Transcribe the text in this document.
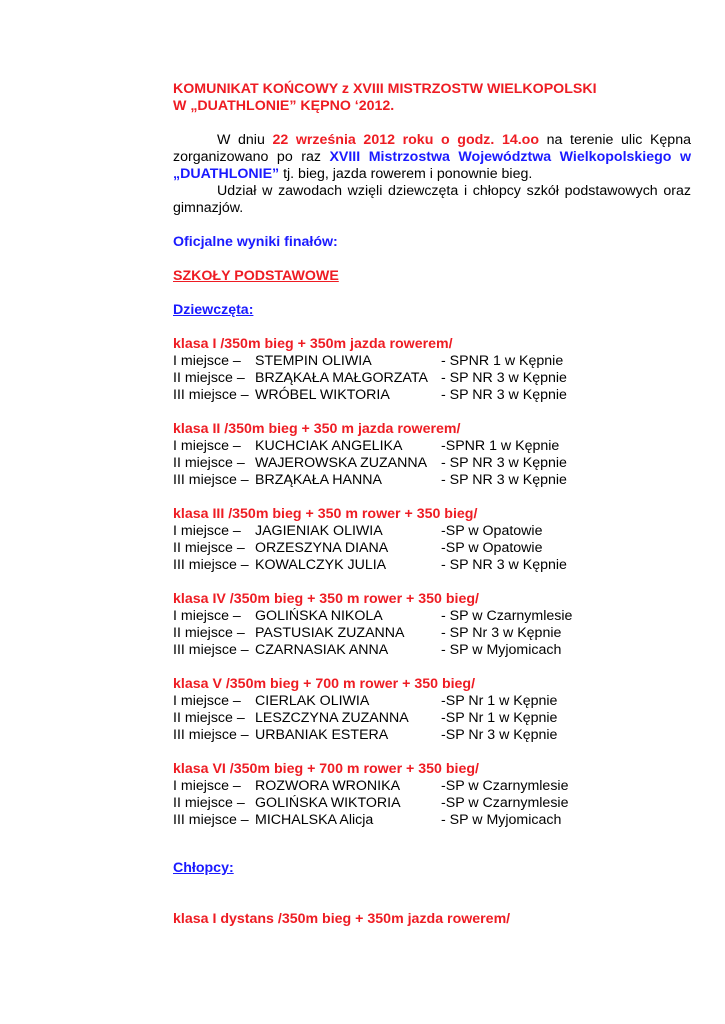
KOMUNIKAT KOŃCOWY z XVIII MISTRZOSTW WIELKOPOLSKI
W „DUATHLONIE” KĘPNO ‘2012.
W dniu 22 września 2012 roku o godz. 14.oo na terenie ulic Kępna zorganizowano po raz XVIII Mistrzostwa Województwa Wielkopolskiego w „DUATHLONIE” tj. bieg, jazda rowerem i ponownie bieg.
Udział w zawodach wzięli dziewczęta i chłopcy szkół podstawowych oraz gimnazjów.
Oficjalne wyniki finałów:
SZKOŁY PODSTAWOWE
Dziewczęta:
klasa I /350m bieg + 350m jazda rowerem/
I miejsce – STEMPIN OLIWIA	- SPNR 1 w Kępnie
II miejsce – BRZĄKAŁA MAŁGORZATA - SP NR 3 w Kępnie
III miejsce – WRÓBEL WIKTORIA	- SP NR 3 w Kępnie
klasa II /350m bieg + 350 m jazda rowerem/
I miejsce – KUCHCIAK ANGELIKA	-SPNR 1 w Kępnie
II miejsce – WAJEROWSKA ZUZANNA - SP NR 3 w Kępnie
III miejsce – BRZĄKAŁA HANNA	- SP NR 3 w Kępnie
klasa III /350m bieg + 350 m rower + 350 bieg/
I miejsce – JAGIENIAK OLIWIA	-SP w Opatowie
II miejsce – ORZESZYNA DIANA	-SP w Opatowie
III miejsce – KOWALCZYK JULIA	- SP NR 3 w Kępnie
klasa IV /350m bieg + 350 m rower + 350 bieg/
I miejsce – GOLIŃSKA NIKOLA	- SP w Czarnymlesie
II miejsce – PASTUSIAK ZUZANNA	- SP Nr 3 w Kępnie
III miejsce – CZARNASIAK ANNA	- SP w Myjomicach
klasa V /350m bieg + 700 m rower + 350 bieg/
I miejsce – CIERLAK OLIWIA	-SP Nr 1 w Kępnie
II miejsce – LESZCZYNA ZUZANNA	-SP Nr 1 w Kępnie
III miejsce – URBANIAK ESTERA	-SP Nr 3 w Kępnie
klasa VI /350m bieg + 700 m rower + 350 bieg/
I miejsce – ROZWORA WRONIKA	-SP w Czarnymlesie
II miejsce – GOLIŃSKA WIKTORIA	-SP w Czarnymlesie
III miejsce – MICHALSKA Alicja	- SP w Myjomicach
Chłopcy:
klasa I dystans /350m bieg + 350m jazda rowerem/
